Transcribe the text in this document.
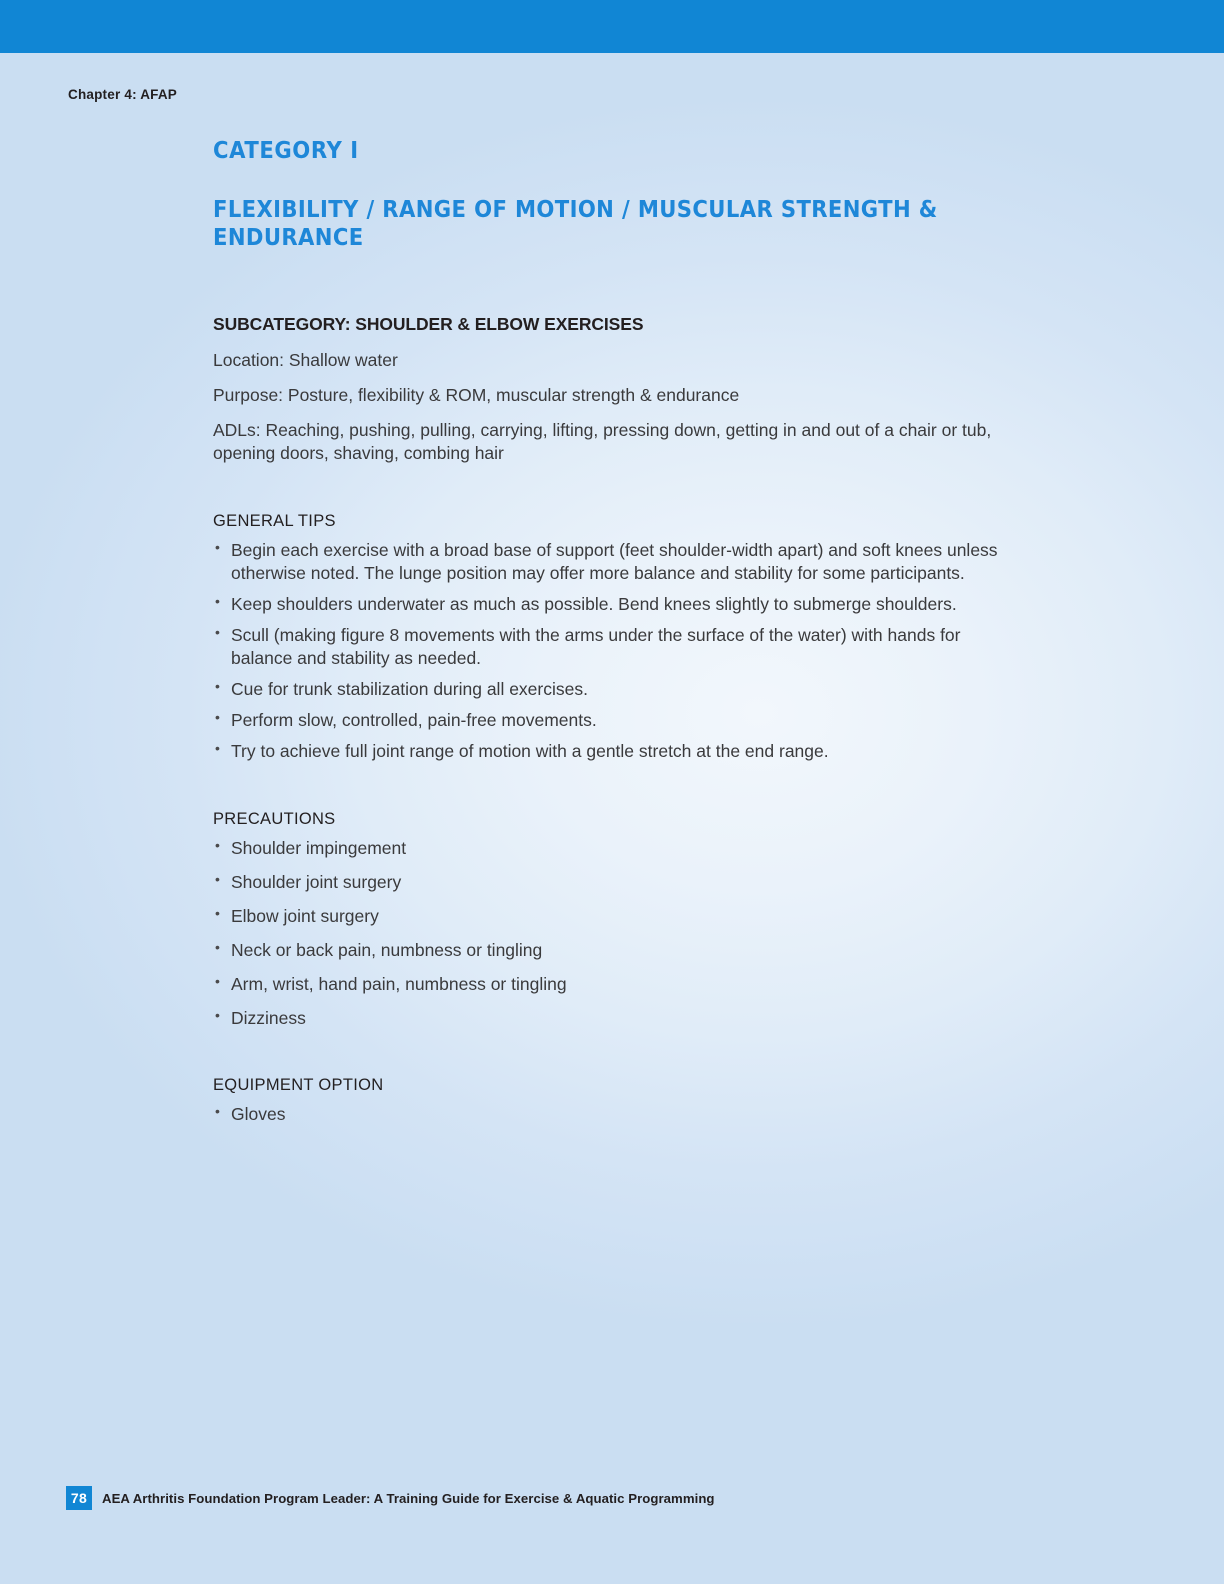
Chapter 4: AFAP
CATEGORY I
FLEXIBILITY / RANGE OF MOTION / MUSCULAR STRENGTH & ENDURANCE
SUBCATEGORY: SHOULDER & ELBOW EXERCISES

Location: Shallow water

Purpose: Posture, flexibility & ROM, muscular strength & endurance

ADLs: Reaching, pushing, pulling, carrying, lifting, pressing down, getting in and out of a chair or tub, opening doors, shaving, combing hair

GENERAL TIPS
• Begin each exercise with a broad base of support (feet shoulder-width apart) and soft knees unless otherwise noted. The lunge position may offer more balance and stability for some participants.
• Keep shoulders underwater as much as possible. Bend knees slightly to submerge shoulders.
• Scull (making figure 8 movements with the arms under the surface of the water) with hands for balance and stability as needed.
• Cue for trunk stabilization during all exercises.
• Perform slow, controlled, pain-free movements.
• Try to achieve full joint range of motion with a gentle stretch at the end range.
PRECAUTIONS
• Shoulder impingement
• Shoulder joint surgery
• Elbow joint surgery
• Neck or back pain, numbness or tingling
• Arm, wrist, hand pain, numbness or tingling
• Dizziness
EQUIPMENT OPTION
• Gloves
78	AEA Arthritis Foundation Program Leader: A Training Guide for Exercise & Aquatic Programming
